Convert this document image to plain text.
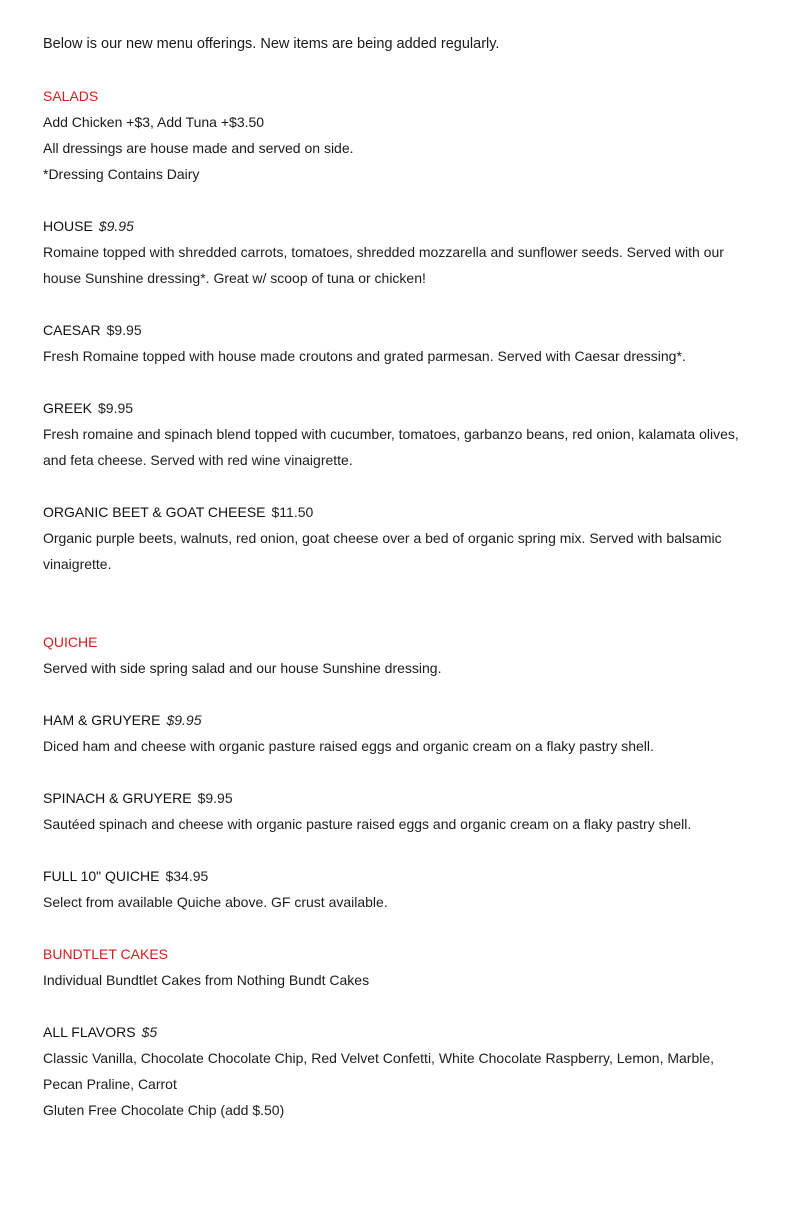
Below is our new menu offerings. New items are being added regularly.

SALADS

Add Chicken +$3, Add Tuna +$3.50

All dressings are house made and served on side.

*Dressing Contains Dairy

HOUSE $9.95
Romaine topped with shredded carrots, tomatoes, shredded mozzarella and sunflower seeds. Served with our house Sunshine dressing*. Great w/ scoop of tuna or chicken!
CAESAR $9.95
Fresh Romaine topped with house made croutons and grated parmesan. Served with Caesar dressing*.
GREEK $9.95
Fresh romaine and spinach blend topped with cucumber, tomatoes, garbanzo beans, red onion, kalamata olives, and feta cheese. Served with red wine vinaigrette.
ORGANIC BEET & GOAT CHEESE $11.50
Organic purple beets, walnuts, red onion, goat cheese over a bed of organic spring mix. Served with balsamic vinaigrette.
QUICHE

Served with side spring salad and our house Sunshine dressing.

HAM & GRUYERE $9.95
Diced ham and cheese with organic pasture raised eggs and organic cream on a flaky pastry shell.
SPINACH & GRUYERE $9.95
Sautéed spinach and cheese with organic pasture raised eggs and organic cream on a flaky pastry shell.
FULL 10" QUICHE $34.95
Select from available Quiche above. GF crust available.
BUNDTLET CAKES

Individual Bundtlet Cakes from Nothing Bundt Cakes

ALL FLAVORS $5
Classic Vanilla, Chocolate Chocolate Chip, Red Velvet Confetti, White Chocolate Raspberry, Lemon, Marble, Pecan Praline, Carrot
Gluten Free Chocolate Chip (add $.50)
